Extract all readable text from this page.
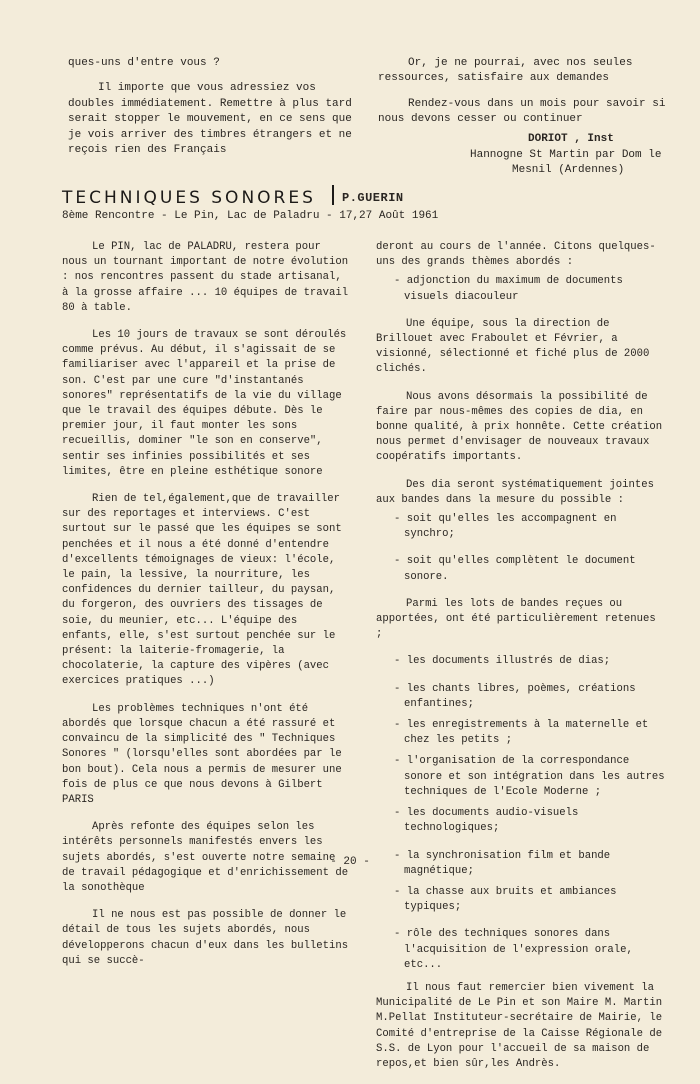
ques-uns d'entre vous ?

Il importe que vous adressiez vos doubles immédiatement. Remettre à plus tard serait stopper le mouvement, en ce sens que je vois arriver des timbres étrangers et ne reçois rien des Français

Or, je ne pourrai, avec nos seules ressources, satisfaire aux demandes

Rendez-vous dans un mois pour savoir si nous devons cesser ou continuer

DORIOT , Inst
Hannogne St Martin par Dom le
Mesnil (Ardennes)
TECHNIQUES SONORES P.GUERIN
8ème Rencontre - Le Pin, Lac de Paladru - 17,27 Août 1961

Le PIN, lac de PALADRU, restera pour nous un tournant important de notre évolution : nos rencontres passent du stade artisanal, à la grosse affaire ... 10 équipes de travail 80 à table.

Les 10 jours de travaux se sont déroulés comme prévus. Au début, il s'agissait de se familiariser avec l'appareil et la prise de son. C'est par une cure "d'instantanés sonores" représentatifs de la vie du village que le travail des équipes débute. Dès le premier jour, il faut monter les sons recueillis, dominer "le son en conserve", sentir ses infinies possibilités et ses limites, être en pleine esthétique sonore

Rien de tel,également,que de travailler sur des reportages et interviews. C'est surtout sur le passé que les équipes se sont penchées et il nous a été donné d'entendre d'excellents témoignages de vieux: l'école, le pain, la lessive, la nourriture, les confidences du dernier tailleur, du paysan, du forgeron, des ouvriers des tissages de soie, du meunier, etc... L'équipe des enfants, elle, s'est surtout penchée sur le présent: la laiterie-fromagerie, la chocolaterie, la capture des vipères (avec exercices pratiques ...)

Les problèmes techniques n'ont été abordés que lorsque chacun a été rassuré et convaincu de la simplicité des " Techniques Sonores " (lorsqu'elles sont abordées par le bon bout). Cela nous a permis de mesurer une fois de plus ce que nous devons à Gilbert PARIS

Après refonte des équipes selon les intérêts personnels manifestés envers les sujets abordés, s'est ouverte notre semaine de travail pédagogique et d'enrichissement de la sonothèque

Il ne nous est pas possible de donner le détail de tous les sujets abordés, nous développerons chacun d'eux dans les bulletins qui se succè-

deront au cours de l'année. Citons quelques-uns des grands thèmes abordés :

- adjonction du maximum de documents visuels diacouleur

Une équipe, sous la direction de Brillouet avec Fraboulet et Février, a visionné, sélectionné et fiché plus de 2000 clichés.

Nous avons désormais la possibilité de faire par nous-mêmes des copies de dia, en bonne qualité, à prix honnête. Cette création nous permet d'envisager de nouveaux travaux coopératifs importants.

Des dia seront systématiquement jointes aux bandes dans la mesure du possible :

- soit qu'elles les accompagnent en synchro;

- soit qu'elles complètent le document sonore.

Parmi les lots de bandes reçues ou apportées, ont été particulièrement retenues ;

- les documents illustrés de dias;

- les chants libres, poèmes, créations enfantines;

- les enregistrements à la maternelle et chez les petits ;

- l'organisation de la correspondance sonore et son intégration dans les autres techniques de l'Ecole Moderne ;

- les documents audio-visuels technologiques;

- la synchronisation film et bande magnétique;

- la chasse aux bruits et ambiances typiques;

- rôle des techniques sonores dans l'acquisition de l'expression orale, etc...

Il nous faut remercier bien vivement la Municipalité de Le Pin et son Maire M. Martin M.Pellat Instituteur-secrétaire de Mairie, le Comité d'entreprise de la Caisse Régionale de S.S. de Lyon pour l'accueil de sa maison de repos,et bien sûr,les Andrès.

- 20 -
